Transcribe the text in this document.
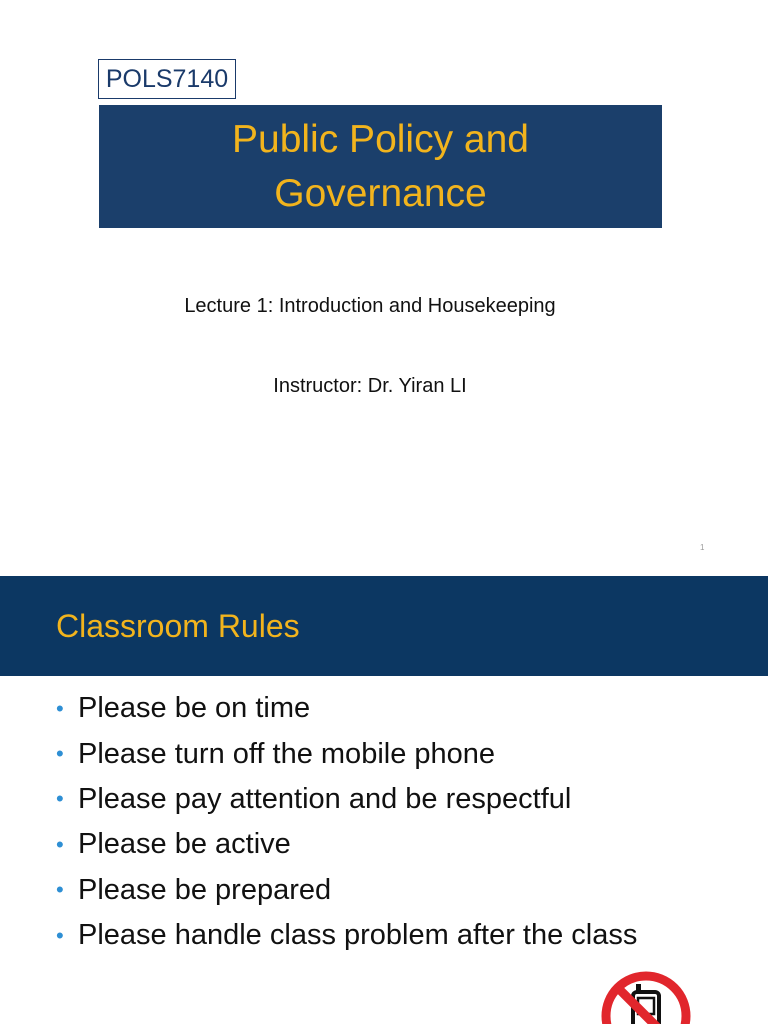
POLS7140
Public Policy and
Governance
Lecture 1: Introduction and Housekeeping
Instructor: Dr. Yiran LI
1
Classroom Rules
• Please be on time
• Please turn off the mobile phone
• Please pay attention and be respectful
• Please be active
• Please be prepared
• Please handle class problem after the class
